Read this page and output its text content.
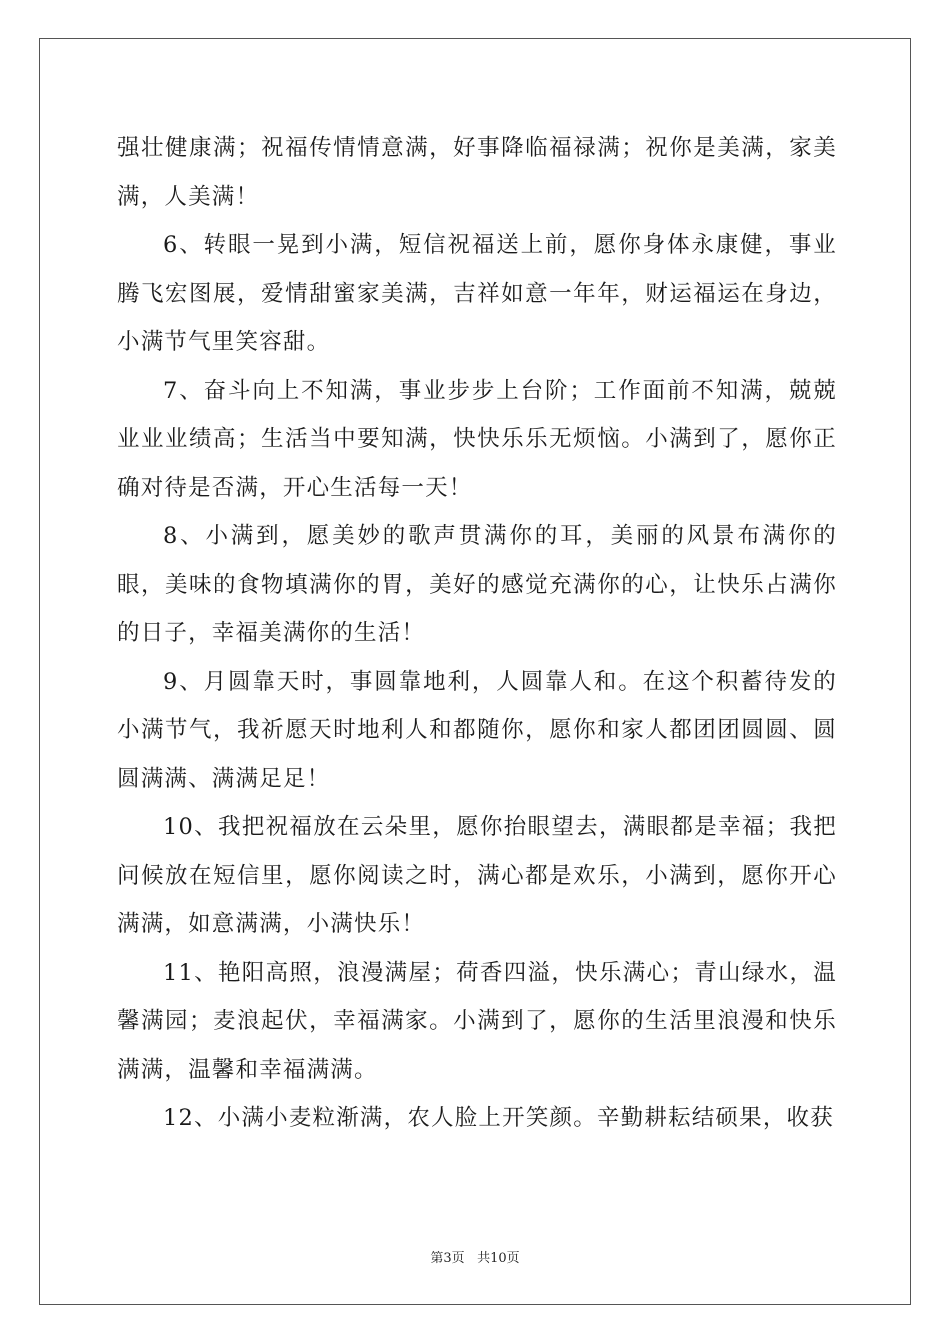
强壮健康满；祝福传情情意满，好事降临福禄满；祝你是美满，家美满，人美满！

6、转眼一晃到小满，短信祝福送上前，愿你身体永康健，事业腾飞宏图展，爱情甜蜜家美满，吉祥如意一年年，财运福运在身边，小满节气里笑容甜。

7、奋斗向上不知满，事业步步上台阶；工作面前不知满，兢兢业业业绩高；生活当中要知满，快快乐乐无烦恼。小满到了，愿你正确对待是否满，开心生活每一天！

8、小满到，愿美妙的歌声贯满你的耳，美丽的风景布满你的眼，美味的食物填满你的胃，美好的感觉充满你的心，让快乐占满你的日子，幸福美满你的生活！

9、月圆靠天时，事圆靠地利，人圆靠人和。在这个积蓄待发的小满节气，我祈愿天时地利人和都随你，愿你和家人都团团圆圆、圆圆满满、满满足足！

10、我把祝福放在云朵里，愿你抬眼望去，满眼都是幸福；我把问候放在短信里，愿你阅读之时，满心都是欢乐，小满到，愿你开心满满，如意满满，小满快乐！

11、艳阳高照，浪漫满屋；荷香四溢，快乐满心；青山绿水，温馨满园；麦浪起伏，幸福满家。小满到了，愿你的生活里浪漫和快乐满满，温馨和幸福满满。

12、小满小麦粒渐满，农人脸上开笑颜。辛勤耕耘结硕果，收获

第3页 共10页
